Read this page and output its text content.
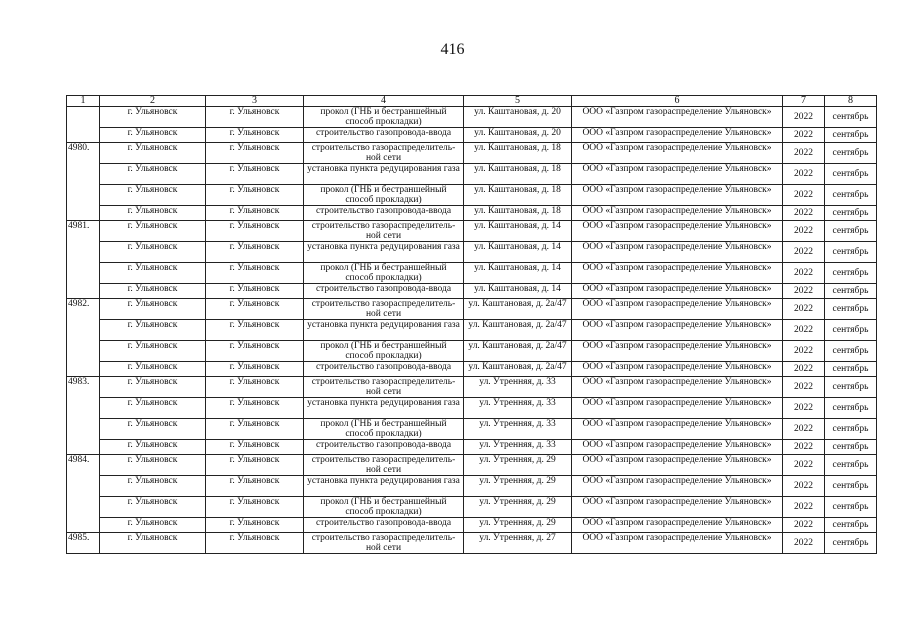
416
1	2	3	4	5	6	7	8
	г. Ульяновск	г. Ульяновск	прокол (ГНБ и бестраншейный способ прокладки)	ул. Каштановая, д. 20	ООО «Газпром газораспределение Ульяновск»	2022	сентябрь
	г. Ульяновск	г. Ульяновск	строительство газопровода-ввода	ул. Каштановая, д. 20	ООО «Газпром газораспределение Ульяновск»	2022	сентябрь
4980.	г. Ульяновск	г. Ульяновск	строительство газораспределитель-ной сети	ул. Каштановая, д. 18	ООО «Газпром газораспределение Ульяновск»	2022	сентябрь
	г. Ульяновск	г. Ульяновск	установка пункта редуцирования газа	ул. Каштановая, д. 18	ООО «Газпром газораспределение Ульяновск»	2022	сентябрь
	г. Ульяновск	г. Ульяновск	прокол (ГНБ и бестраншейный способ прокладки)	ул. Каштановая, д. 18	ООО «Газпром газораспределение Ульяновск»	2022	сентябрь
	г. Ульяновск	г. Ульяновск	строительство газопровода-ввода	ул. Каштановая, д. 18	ООО «Газпром газораспределение Ульяновск»	2022	сентябрь
4981.	г. Ульяновск	г. Ульяновск	строительство газораспределитель-ной сети	ул. Каштановая, д. 14	ООО «Газпром газораспределение Ульяновск»	2022	сентябрь
	г. Ульяновск	г. Ульяновск	установка пункта редуцирования газа	ул. Каштановая, д. 14	ООО «Газпром газораспределение Ульяновск»	2022	сентябрь
	г. Ульяновск	г. Ульяновск	прокол (ГНБ и бестраншейный способ прокладки)	ул. Каштановая, д. 14	ООО «Газпром газораспределение Ульяновск»	2022	сентябрь
	г. Ульяновск	г. Ульяновск	строительство газопровода-ввода	ул. Каштановая, д. 14	ООО «Газпром газораспределение Ульяновск»	2022	сентябрь
4982.	г. Ульяновск	г. Ульяновск	строительство газораспределитель-ной сети	ул. Каштановая, д. 2а/47	ООО «Газпром газораспределение Ульяновск»	2022	сентябрь
	г. Ульяновск	г. Ульяновск	установка пункта редуцирования газа	ул. Каштановая, д. 2а/47	ООО «Газпром газораспределение Ульяновск»	2022	сентябрь
	г. Ульяновск	г. Ульяновск	прокол (ГНБ и бестраншейный способ прокладки)	ул. Каштановая, д. 2а/47	ООО «Газпром газораспределение Ульяновск»	2022	сентябрь
	г. Ульяновск	г. Ульяновск	строительство газопровода-ввода	ул. Каштановая, д. 2а/47	ООО «Газпром газораспределение Ульяновск»	2022	сентябрь
4983.	г. Ульяновск	г. Ульяновск	строительство газораспределитель-ной сети	ул. Утренняя, д. 33	ООО «Газпром газораспределение Ульяновск»	2022	сентябрь
	г. Ульяновск	г. Ульяновск	установка пункта редуцирования газа	ул. Утренняя, д. 33	ООО «Газпром газораспределение Ульяновск»	2022	сентябрь
	г. Ульяновск	г. Ульяновск	прокол (ГНБ и бестраншейный способ прокладки)	ул. Утренняя, д. 33	ООО «Газпром газораспределение Ульяновск»	2022	сентябрь
	г. Ульяновск	г. Ульяновск	строительство газопровода-ввода	ул. Утренняя, д. 33	ООО «Газпром газораспределение Ульяновск»	2022	сентябрь
4984.	г. Ульяновск	г. Ульяновск	строительство газораспределитель-ной сети	ул. Утренняя, д. 29	ООО «Газпром газораспределение Ульяновск»	2022	сентябрь
	г. Ульяновск	г. Ульяновск	установка пункта редуцирования газа	ул. Утренняя, д. 29	ООО «Газпром газораспределение Ульяновск»	2022	сентябрь
	г. Ульяновск	г. Ульяновск	прокол (ГНБ и бестраншейный способ прокладки)	ул. Утренняя, д. 29	ООО «Газпром газораспределение Ульяновск»	2022	сентябрь
	г. Ульяновск	г. Ульяновск	строительство газопровода-ввода	ул. Утренняя, д. 29	ООО «Газпром газораспределение Ульяновск»	2022	сентябрь
4985.	г. Ульяновск	г. Ульяновск	строительство газораспределитель-ной сети	ул. Утренняя, д. 27	ООО «Газпром газораспределение Ульяновск»	2022	сентябрь
